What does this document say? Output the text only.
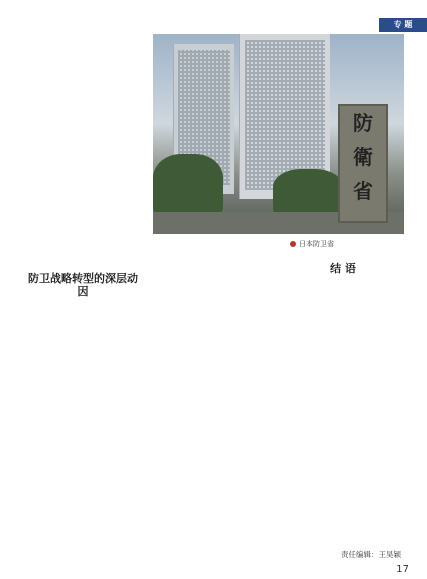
专 题

防
衛
省
日本防卫省

防卫战略转型的深层动因

结 语

责任编辑：王昊颖
17
